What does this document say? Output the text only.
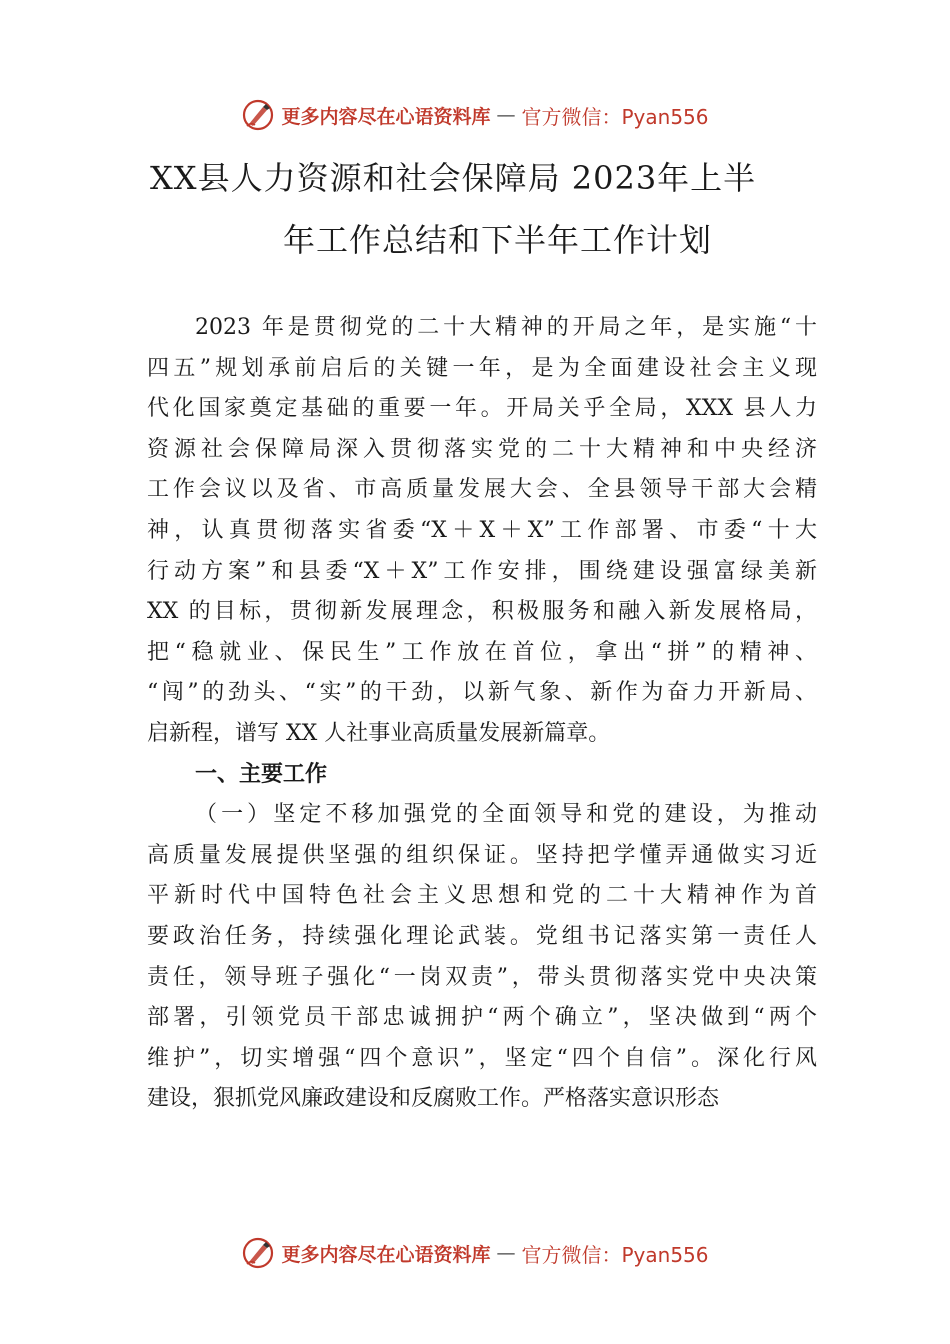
更多内容尽在心语资料库 — 官方微信：Pyan556
XX县人力资源和社会保障局 2023年上半
年工作总结和下半年工作计划
2023 年是贯彻党的二十大精神的开局之年，是实施“十
四五”规划承前启后的关键一年，是为全面建设社会主义现
代化国家奠定基础的重要一年。开局关乎全局，XXX 县人力
资源社会保障局深入贯彻落实党的二十大精神和中央经济
工作会议以及省、市高质量发展大会、全县领导干部大会精
神，认真贯彻落实省委“X＋X＋X”工作部署、市委“十大
行动方案”和县委“X＋X”工作安排，围绕建设强富绿美新
XX 的目标，贯彻新发展理念，积极服务和融入新发展格局，
把“稳就业、保民生”工作放在首位，拿出“拼”的精神、
“闯”的劲头、“实”的干劲，以新气象、新作为奋力开新局、
启新程，谱写 XX 人社事业高质量发展新篇章。
一、主要工作
（一）坚定不移加强党的全面领导和党的建设，为推动
高质量发展提供坚强的组织保证。坚持把学懂弄通做实习近
平新时代中国特色社会主义思想和党的二十大精神作为首
要政治任务，持续强化理论武装。党组书记落实第一责任人
责任，领导班子强化“一岗双责”，带头贯彻落实党中央决策
部署，引领党员干部忠诚拥护“两个确立”，坚决做到“两个
维护”，切实增强“四个意识”，坚定“四个自信”。深化行风
建设，狠抓党风廉政建设和反腐败工作。严格落实意识形态
更多内容尽在心语资料库 — 官方微信：Pyan556
